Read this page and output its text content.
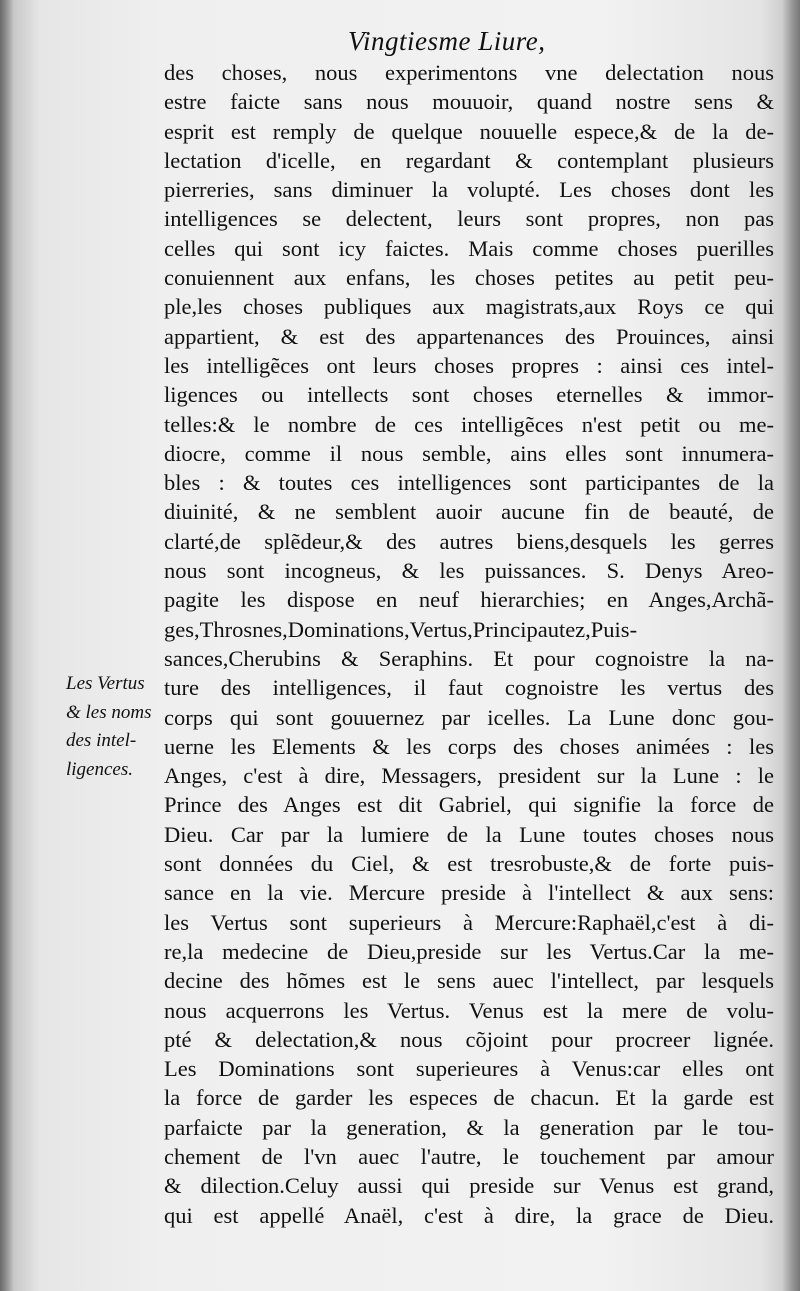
Vingtiesme Liure,
Les Vertus
& les noms
des intel-
ligences.
des choses, nous experimentons vne delectation nous
estre faicte sans nous mouuoir, quand nostre sens &
esprit est remply de quelque nouuelle espece,& de la de-
lectation d'icelle, en regardant & contemplant plusieurs
pierreries, sans diminuer la volupté. Les choses dont les
intelligences se delectent, leurs sont propres, non pas
celles qui sont icy faictes. Mais comme choses puerilles
conuiennent aux enfans, les choses petites au petit peu-
ple,les choses publiques aux magistrats,aux Roys ce qui
appartient, & est des appartenances des Prouinces, ainsi
les intelligẽces ont leurs choses propres : ainsi ces intel-
ligences ou intellects sont choses eternelles & immor-
telles:& le nombre de ces intelligẽces n'est petit ou me-
diocre, comme il nous semble, ains elles sont innumera-
bles : & toutes ces intelligences sont participantes de la
diuinité, & ne semblent auoir aucune fin de beauté, de
clarté,de splẽdeur,& des autres biens,desquels les gerres
nous sont incogneus, & les puissances. S. Denys Areo-
pagite les dispose en neuf hierarchies; en Anges,Archã-
ges,Throsnes,Dominations,Vertus,Principautez,Puis-
sances,Cherubins & Seraphins. Et pour cognoistre la na-
ture des intelligences, il faut cognoistre les vertus des
corps qui sont gouuernez par icelles. La Lune donc gou-
uerne les Elements & les corps des choses animées : les
Anges, c'est à dire, Messagers, president sur la Lune : le
Prince des Anges est dit Gabriel, qui signifie la force de
Dieu. Car par la lumiere de la Lune toutes choses nous
sont données du Ciel, & est tresrobuste,& de forte puis-
sance en la vie. Mercure preside à l'intellect & aux sens:
les Vertus sont superieurs à Mercure:Raphaël,c'est à di-
re,la medecine de Dieu,preside sur les Vertus.Car la me-
decine des hõmes est le sens auec l'intellect, par lesquels
nous acquerrons les Vertus. Venus est la mere de volu-
pté & delectation,& nous cõjoint pour procreer lignée.
Les Dominations sont superieures à Venus:car elles ont
la force de garder les especes de chacun. Et la garde est
parfaicte par la generation, & la generation par le tou-
chement de l'vn auec l'autre, le touchement par amour
& dilection.Celuy aussi qui preside sur Venus est grand,
qui est appellé Anaël, c'est à dire, la grace de Dieu.
